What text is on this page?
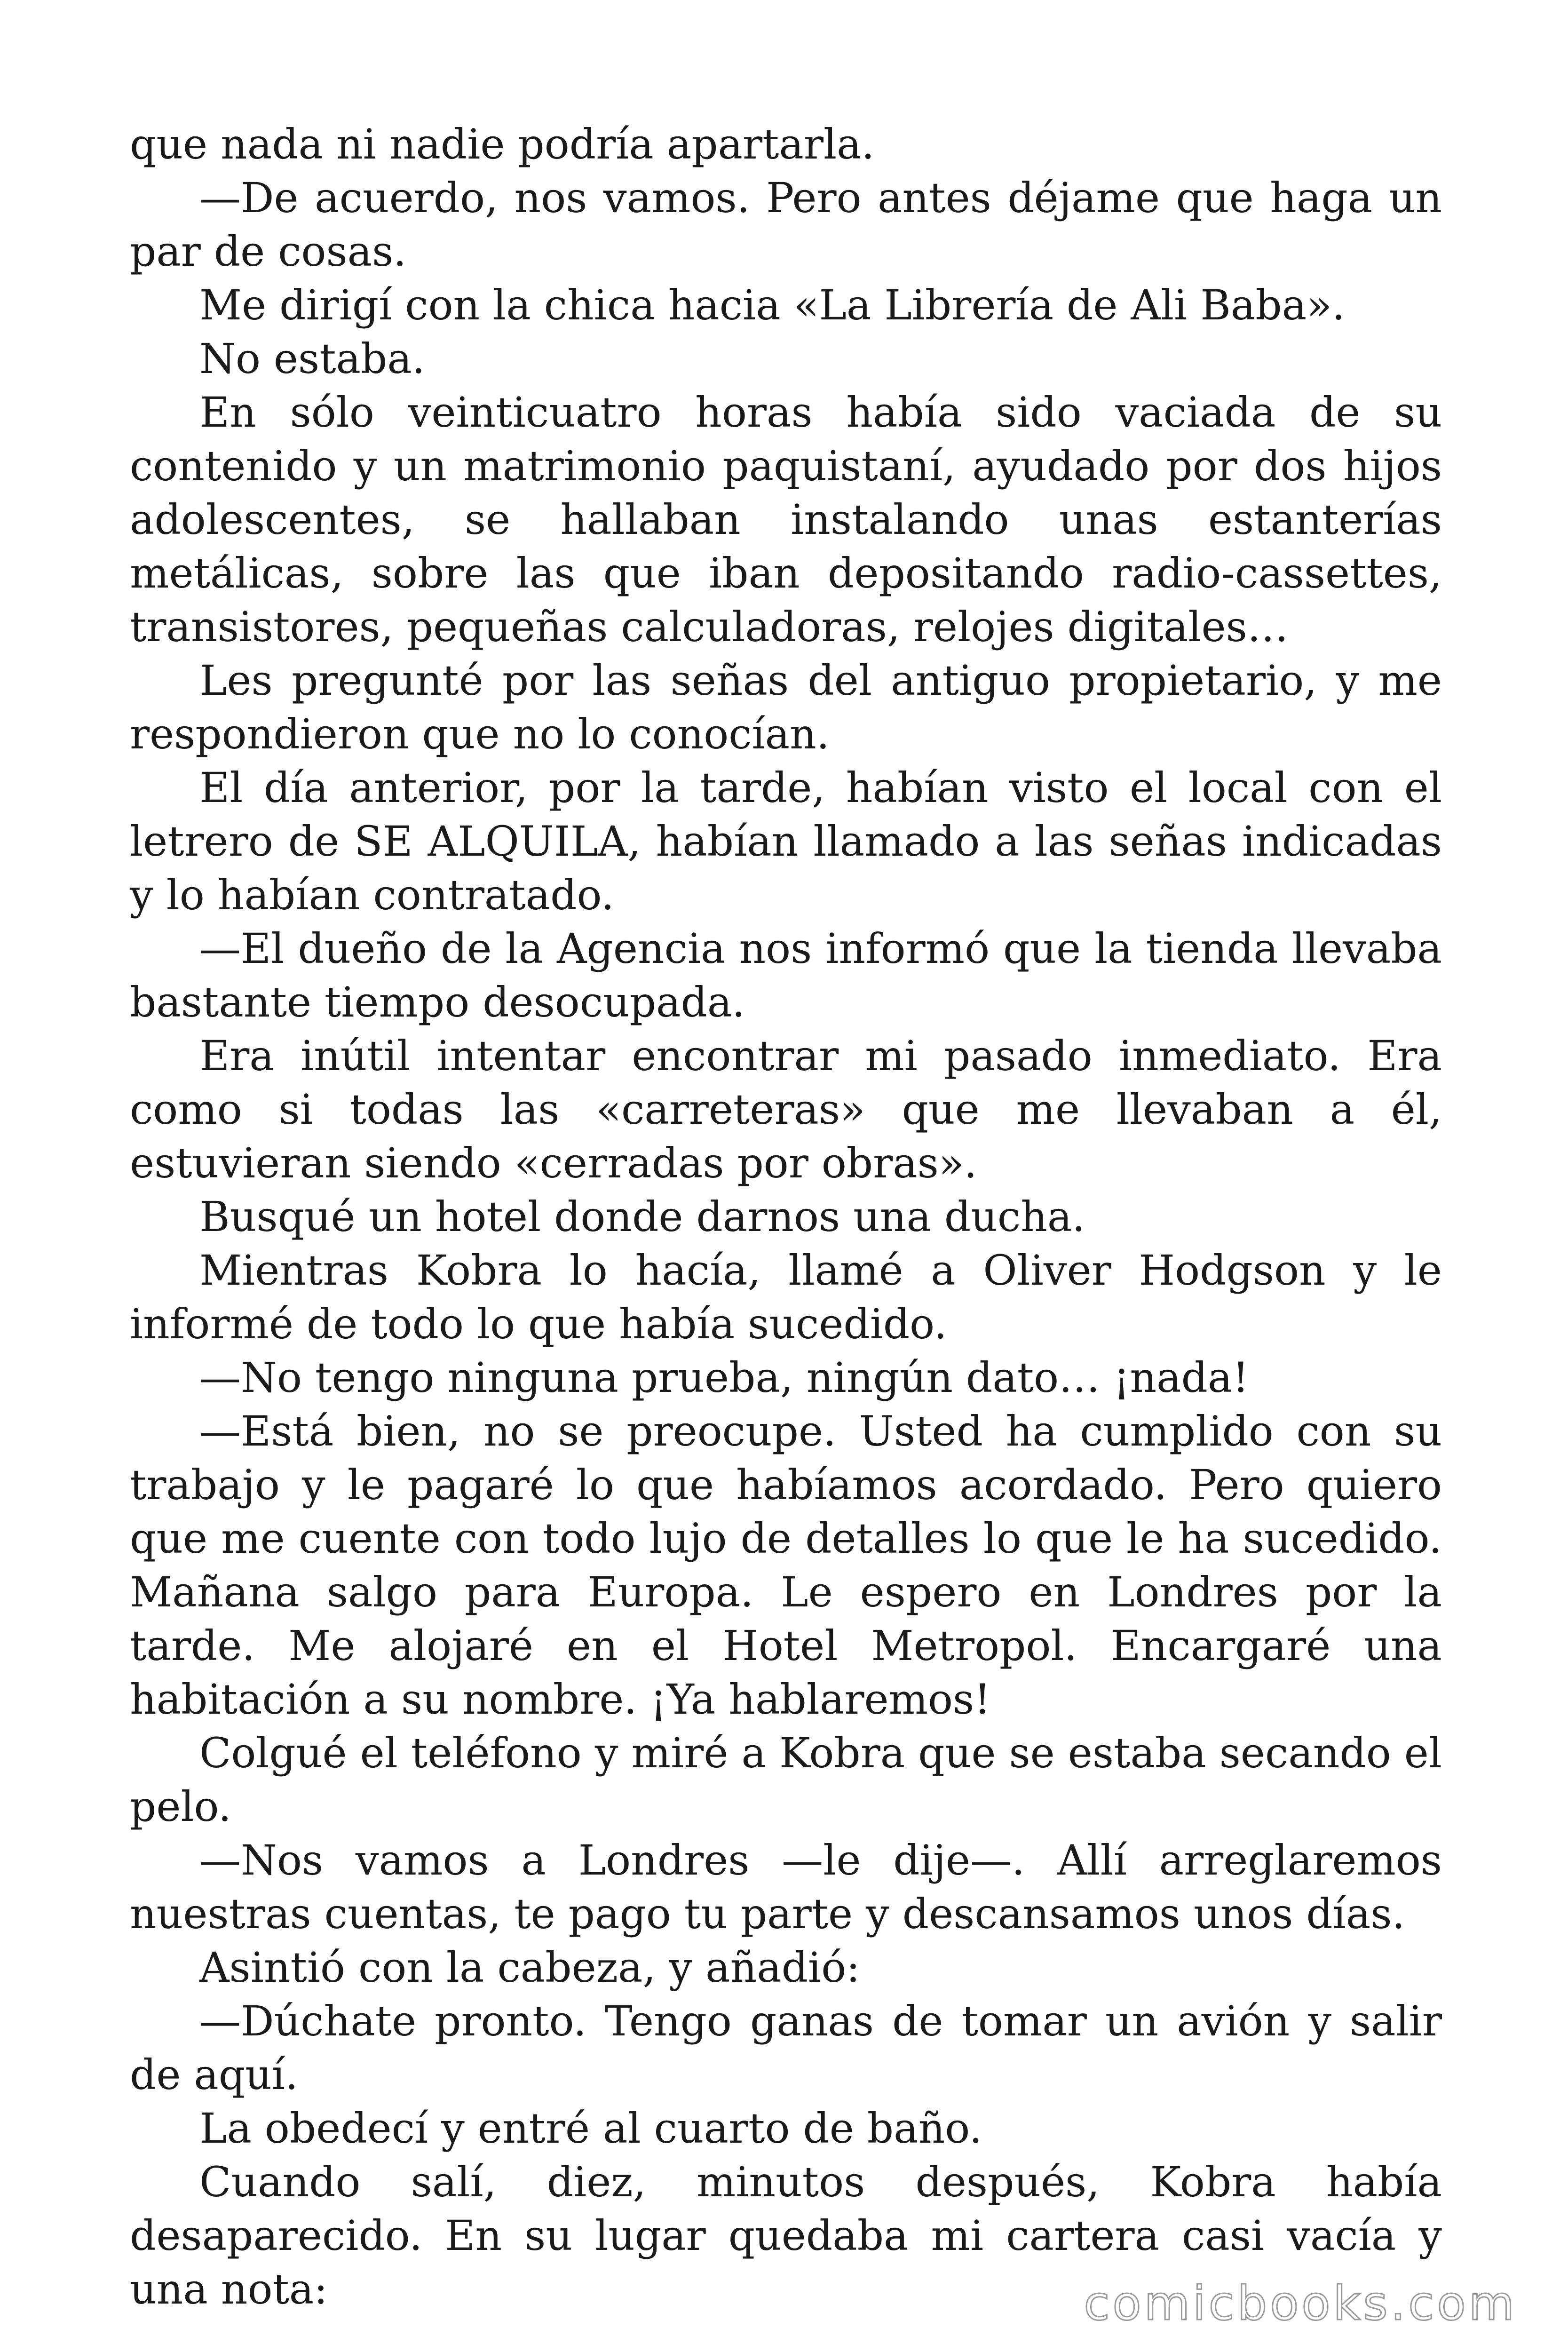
que nada ni nadie podría apartarla.

—De acuerdo, nos vamos. Pero antes déjame que haga un par de cosas.

Me dirigí con la chica hacia «La Librería de Ali Baba».

No estaba.

En sólo veinticuatro horas había sido vaciada de su contenido y un matrimonio paquistaní, ayudado por dos hijos adolescentes, se hallaban instalando unas estanterías metálicas, sobre las que iban depositando radio-cassettes, transistores, pequeñas calculadoras, relojes digitales…

Les pregunté por las señas del antiguo propietario, y me respondieron que no lo conocían.

El día anterior, por la tarde, habían visto el local con el letrero de SE ALQUILA, habían llamado a las señas indicadas y lo habían contratado.

—El dueño de la Agencia nos informó que la tienda llevaba bastante tiempo desocupada.

Era inútil intentar encontrar mi pasado inmediato. Era como si todas las «carreteras» que me llevaban a él, estuvieran siendo «cerradas por obras».

Busqué un hotel donde darnos una ducha.

Mientras Kobra lo hacía, llamé a Oliver Hodgson y le informé de todo lo que había sucedido.

—No tengo ninguna prueba, ningún dato… ¡nada!

—Está bien, no se preocupe. Usted ha cumplido con su trabajo y le pagaré lo que habíamos acordado. Pero quiero que me cuente con todo lujo de detalles lo que le ha sucedido. Mañana salgo para Europa. Le espero en Londres por la tarde. Me alojaré en el Hotel Metropol. Encargaré una habitación a su nombre. ¡Ya hablaremos!

Colgué el teléfono y miré a Kobra que se estaba secando el pelo.

—Nos vamos a Londres —le dije—. Allí arreglaremos nuestras cuentas, te pago tu parte y descansamos unos días.

Asintió con la cabeza, y añadió:

—Dúchate pronto. Tengo ganas de tomar un avión y salir de aquí.

La obedecí y entré al cuarto de baño.

Cuando salí, diez, minutos después, Kobra había desaparecido. En su lugar quedaba mi cartera casi vacía y una nota:	comicbooks.com
